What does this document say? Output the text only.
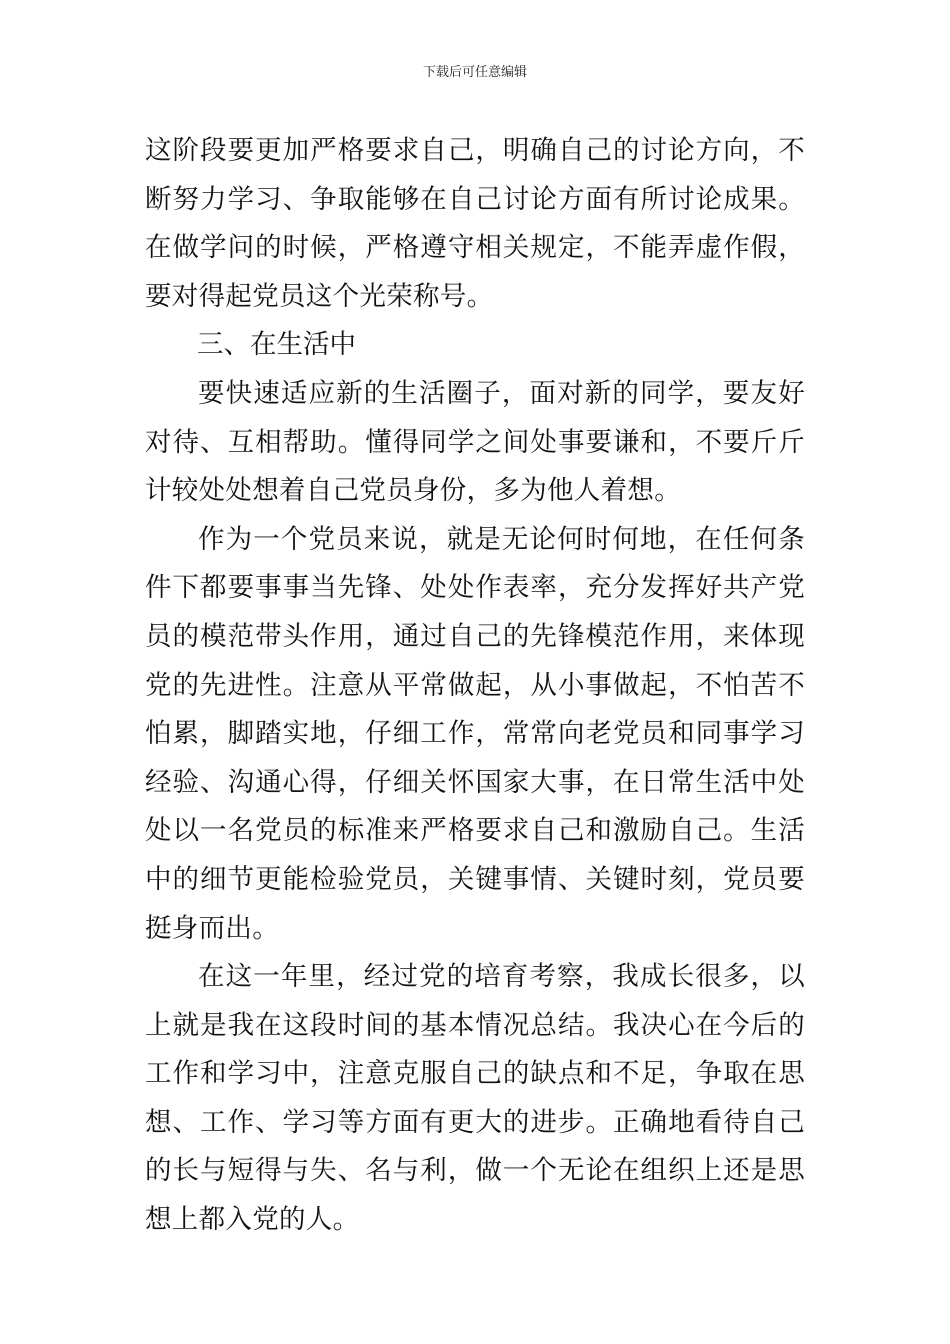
下载后可任意编辑

这阶段要更加严格要求自己，明确自己的讨论方向，不断努力学习、争取能够在自己讨论方面有所讨论成果。在做学问的时候，严格遵守相关规定，不能弄虚作假，要对得起党员这个光荣称号。

三、在生活中

要快速适应新的生活圈子，面对新的同学，要友好对待、互相帮助。懂得同学之间处事要谦和，不要斤斤计较处处想着自己党员身份，多为他人着想。

作为一个党员来说，就是无论何时何地，在任何条件下都要事事当先锋、处处作表率，充分发挥好共产党员的模范带头作用，通过自己的先锋模范作用，来体现党的先进性。注意从平常做起，从小事做起，不怕苦不怕累，脚踏实地，仔细工作，常常向老党员和同事学习经验、沟通心得，仔细关怀国家大事，在日常生活中处处以一名党员的标准来严格要求自己和激励自己。生活中的细节更能检验党员，关键事情、关键时刻，党员要挺身而出。

在这一年里，经过党的培育考察，我成长很多，以上就是我在这段时间的基本情况总结。我决心在今后的工作和学习中，注意克服自己的缺点和不足，争取在思想、工作、学习等方面有更大的进步。正确地看待自己的长与短得与失、名与利，做一个无论在组织上还是思想上都入党的人。
